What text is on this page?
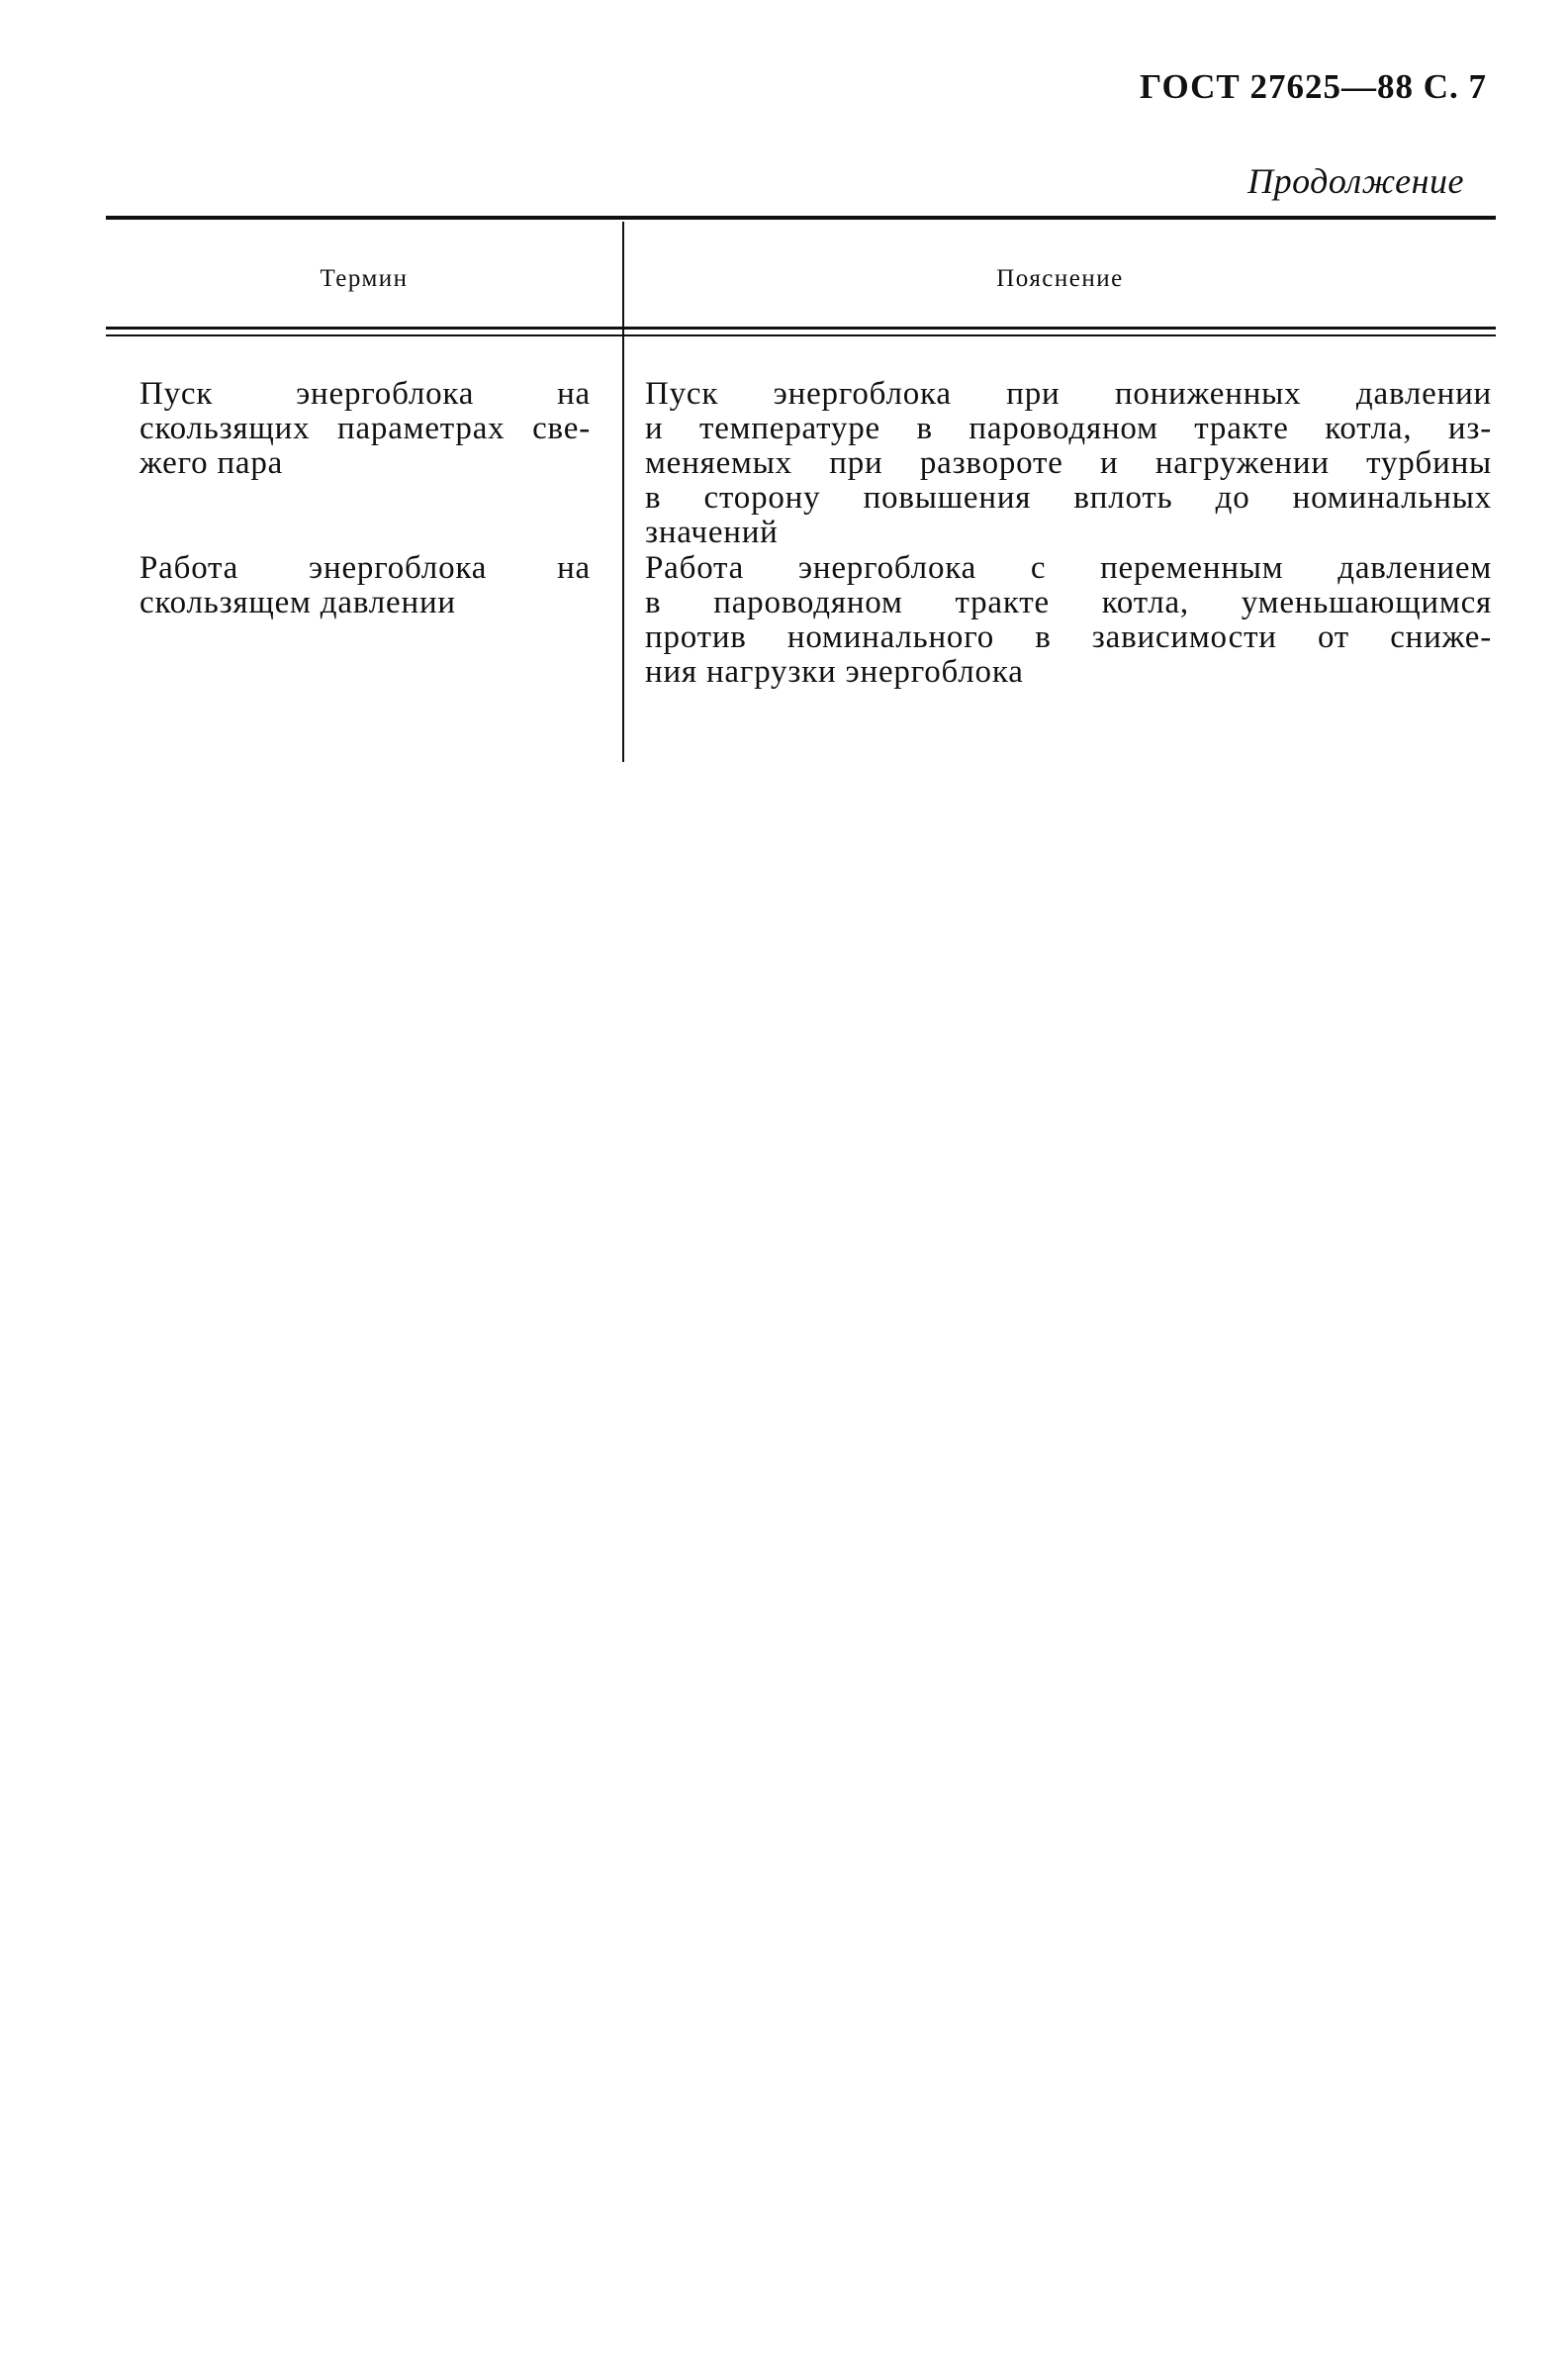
ГОСТ 27625—88 С. 7
Продолжение
Термин	Пояснение
Пуск энергоблока на
скользящих параметрах све-
жего пара
Пуск энергоблока при пониженных давлении
и температуре в пароводяном тракте котла, из-
меняемых при развороте и нагружении турбины
в сторону повышения вплоть до номинальных
значений
Работа энергоблока на
скользящем давлении
Работа энергоблока с переменным давлением
в пароводяном тракте котла, уменьшающимся
против номинального в зависимости от сниже-
ния нагрузки энергоблока
